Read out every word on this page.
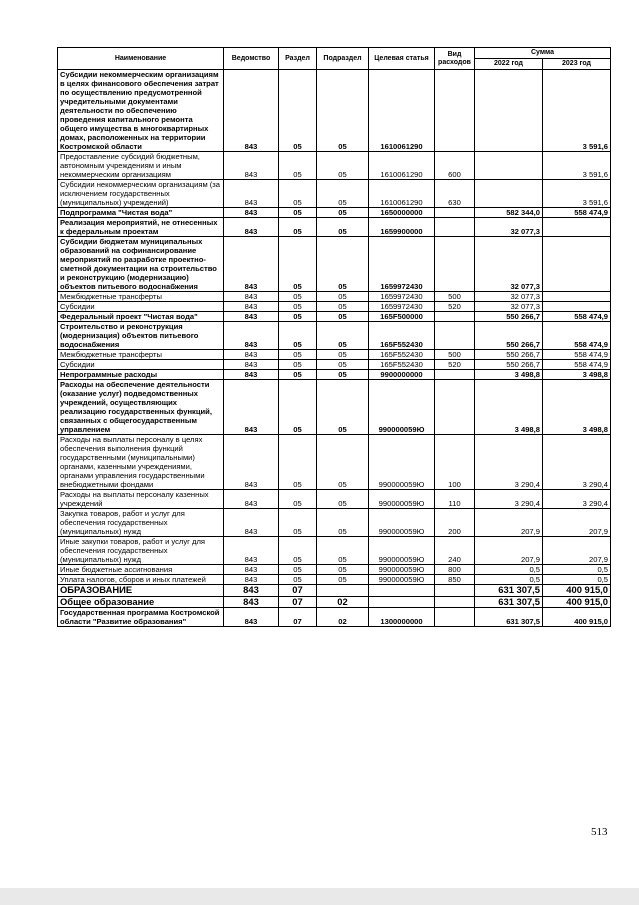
Наименование	Ведомство	Раздел	Подраздел	Целевая статья	Вид расходов	Сумма	
						2022 год	2023 год
Субсидии некоммерческим организациям в целях финансового обеспечения затрат по осуществлению предусмотренной учредительными документами деятельности по обеспечению проведения капитального ремонта общего имущества в многоквартирных домах, расположенных на территории Костромской области	843	05	05	1610061290			3 591,6
Предоставление субсидий бюджетным, автономным учреждениям и иным некоммерческим организациям	843	05	05	1610061290	600		3 591,6
Субсидии некоммерческим организациям (за исключением государственных (муниципальных) учреждений)	843	05	05	1610061290	630		3 591,6
Подпрограмма "Чистая вода"	843	05	05	1650000000		582 344,0	558 474,9
Реализация мероприятий, не отнесенных к федеральным проектам	843	05	05	1659900000		32 077,3	
Субсидии бюджетам муниципальных образований на софинансирование мероприятий по разработке проектно-сметной документации на строительство и реконструкцию (модернизацию) объектов питьевого водоснабжения	843	05	05	1659972430		32 077,3	
Межбюджетные трансферты	843	05	05	1659972430	500	32 077,3	
Субсидии	843	05	05	1659972430	520	32 077,3	
Федеральный проект "Чистая вода"	843	05	05	165F500000		550 266,7	558 474,9
Строительство и реконструкция (модернизация) объектов питьевого водоснабжения	843	05	05	165F552430		550 266,7	558 474,9
Межбюджетные трансферты	843	05	05	165F552430	500	550 266,7	558 474,9
Субсидии	843	05	05	165F552430	520	550 266,7	558 474,9
Непрограммные расходы	843	05	05	9900000000		3 498,8	3 498,8
Расходы на обеспечение деятельности (оказание услуг) подведомственных учреждений, осуществляющих реализацию государственных функций, связанных с общегосударственным управлением	843	05	05	990000059Ю		3 498,8	3 498,8
Расходы на выплаты персоналу в целях обеспечения выполнения функций государственными (муниципальными) органами, казенными учреждениями, органами управления государственными внебюджетными фондами	843	05	05	990000059Ю	100	3 290,4	3 290,4
Расходы на выплаты персоналу казенных учреждений	843	05	05	990000059Ю	110	3 290,4	3 290,4
Закупка товаров, работ и услуг для обеспечения государственных (муниципальных) нужд	843	05	05	990000059Ю	200	207,9	207,9
Иные закупки товаров, работ и услуг для обеспечения государственных (муниципальных) нужд	843	05	05	990000059Ю	240	207,9	207,9
Иные бюджетные ассигнования	843	05	05	990000059Ю	800	0,5	0,5
Уплата налогов, сборов и иных платежей	843	05	05	990000059Ю	850	0,5	0,5
ОБРАЗОВАНИЕ	843	07				631 307,5	400 915,0
Общее образование	843	07	02			631 307,5	400 915,0
Государственная программа Костромской области "Развитие образования"	843	07	02	1300000000		631 307,5	400 915,0
513
